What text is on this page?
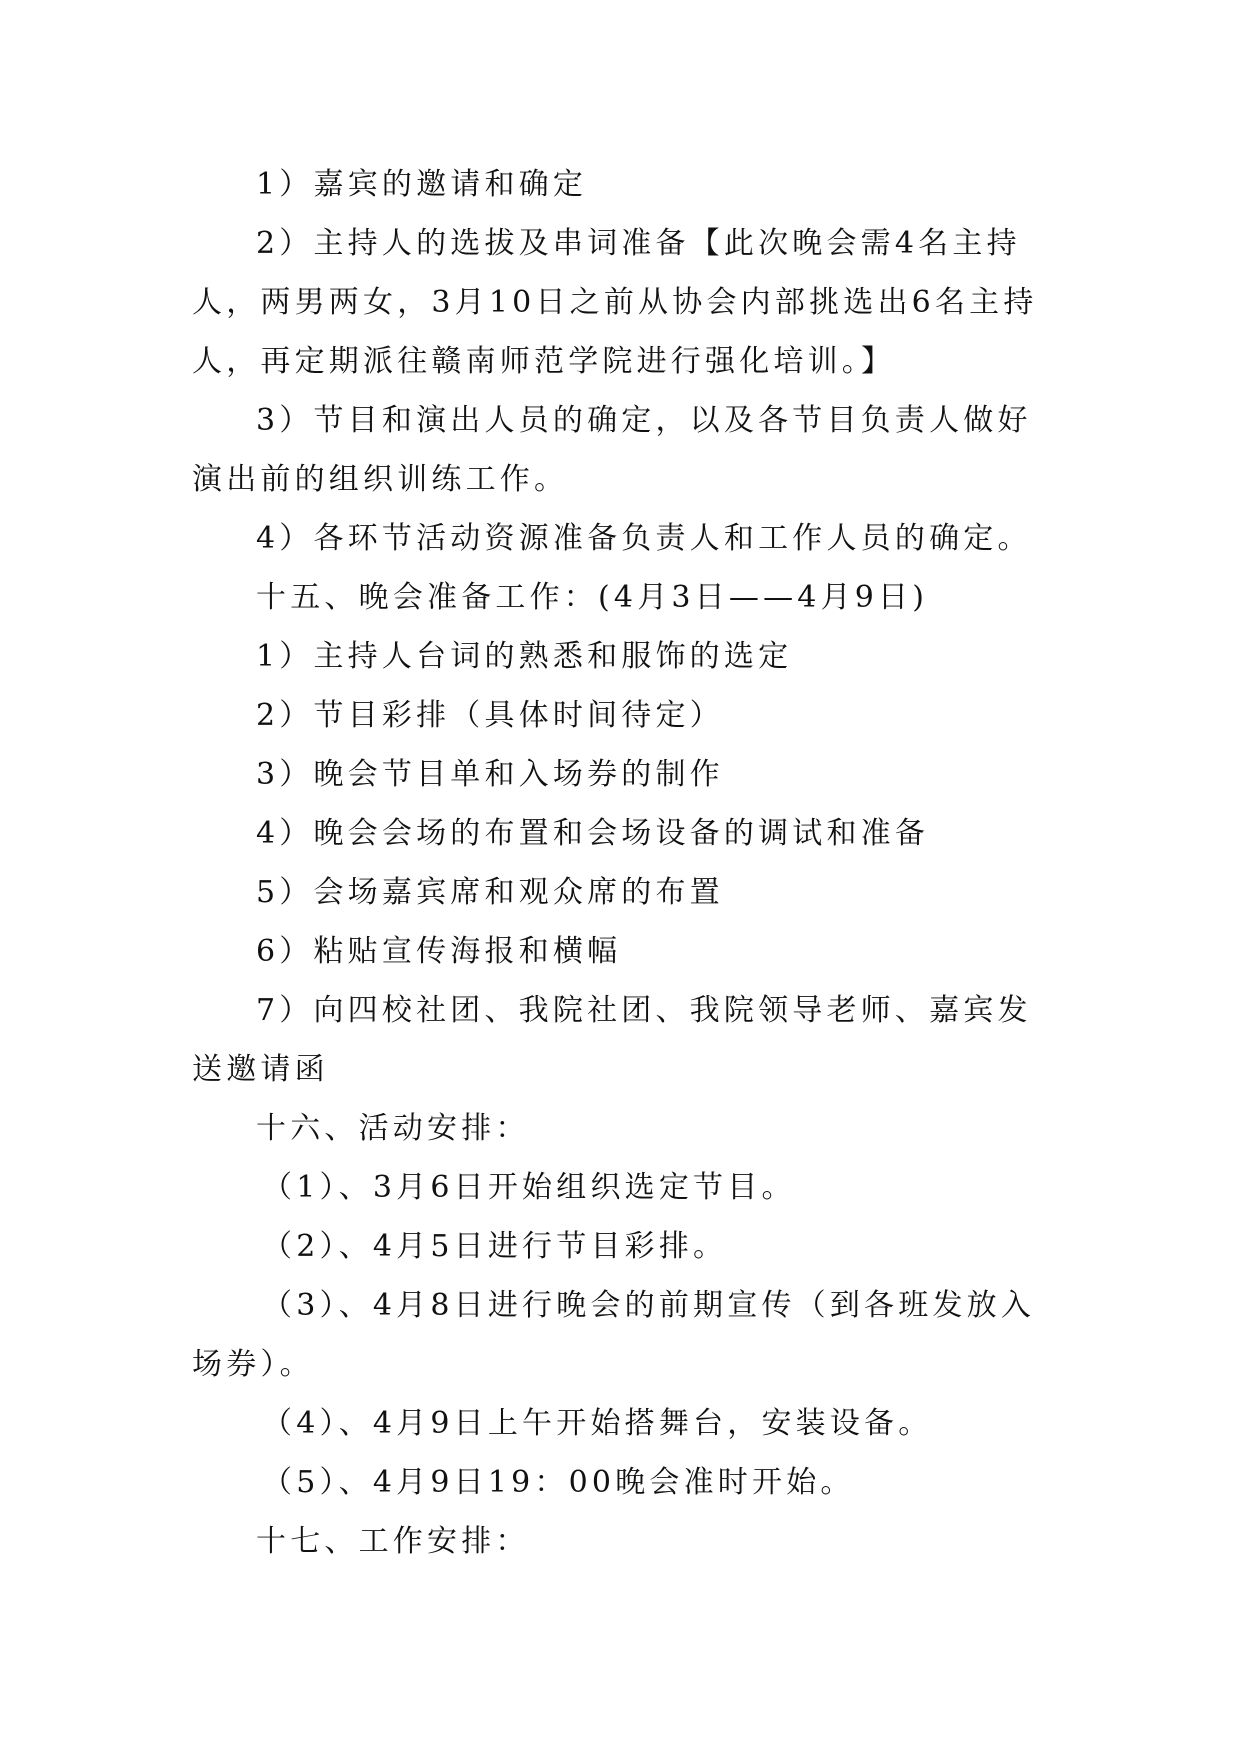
1）嘉宾的邀请和确定

2）主持人的选拔及串词准备【此次晚会需4名主持人，两男两女，3月10日之前从协会内部挑选出6名主持人，再定期派往赣南师范学院进行强化培训。】

3）节目和演出人员的确定，以及各节目负责人做好演出前的组织训练工作。

4）各环节活动资源准备负责人和工作人员的确定。

十五、晚会准备工作：(4月3日——4月9日)

1）主持人台词的熟悉和服饰的选定

2）节目彩排（具体时间待定）

3）晚会节目单和入场券的制作

4）晚会会场的布置和会场设备的调试和准备

5）会场嘉宾席和观众席的布置

6）粘贴宣传海报和横幅

7）向四校社团、我院社团、我院领导老师、嘉宾发送邀请函

十六、活动安排：

（1）、3月6日开始组织选定节目。

（2）、4月5日进行节目彩排。

（3）、4月8日进行晚会的前期宣传（到各班发放入场券）。

（4）、4月9日上午开始搭舞台，安装设备。

（5）、4月9日19：00晚会准时开始。

十七、工作安排：
